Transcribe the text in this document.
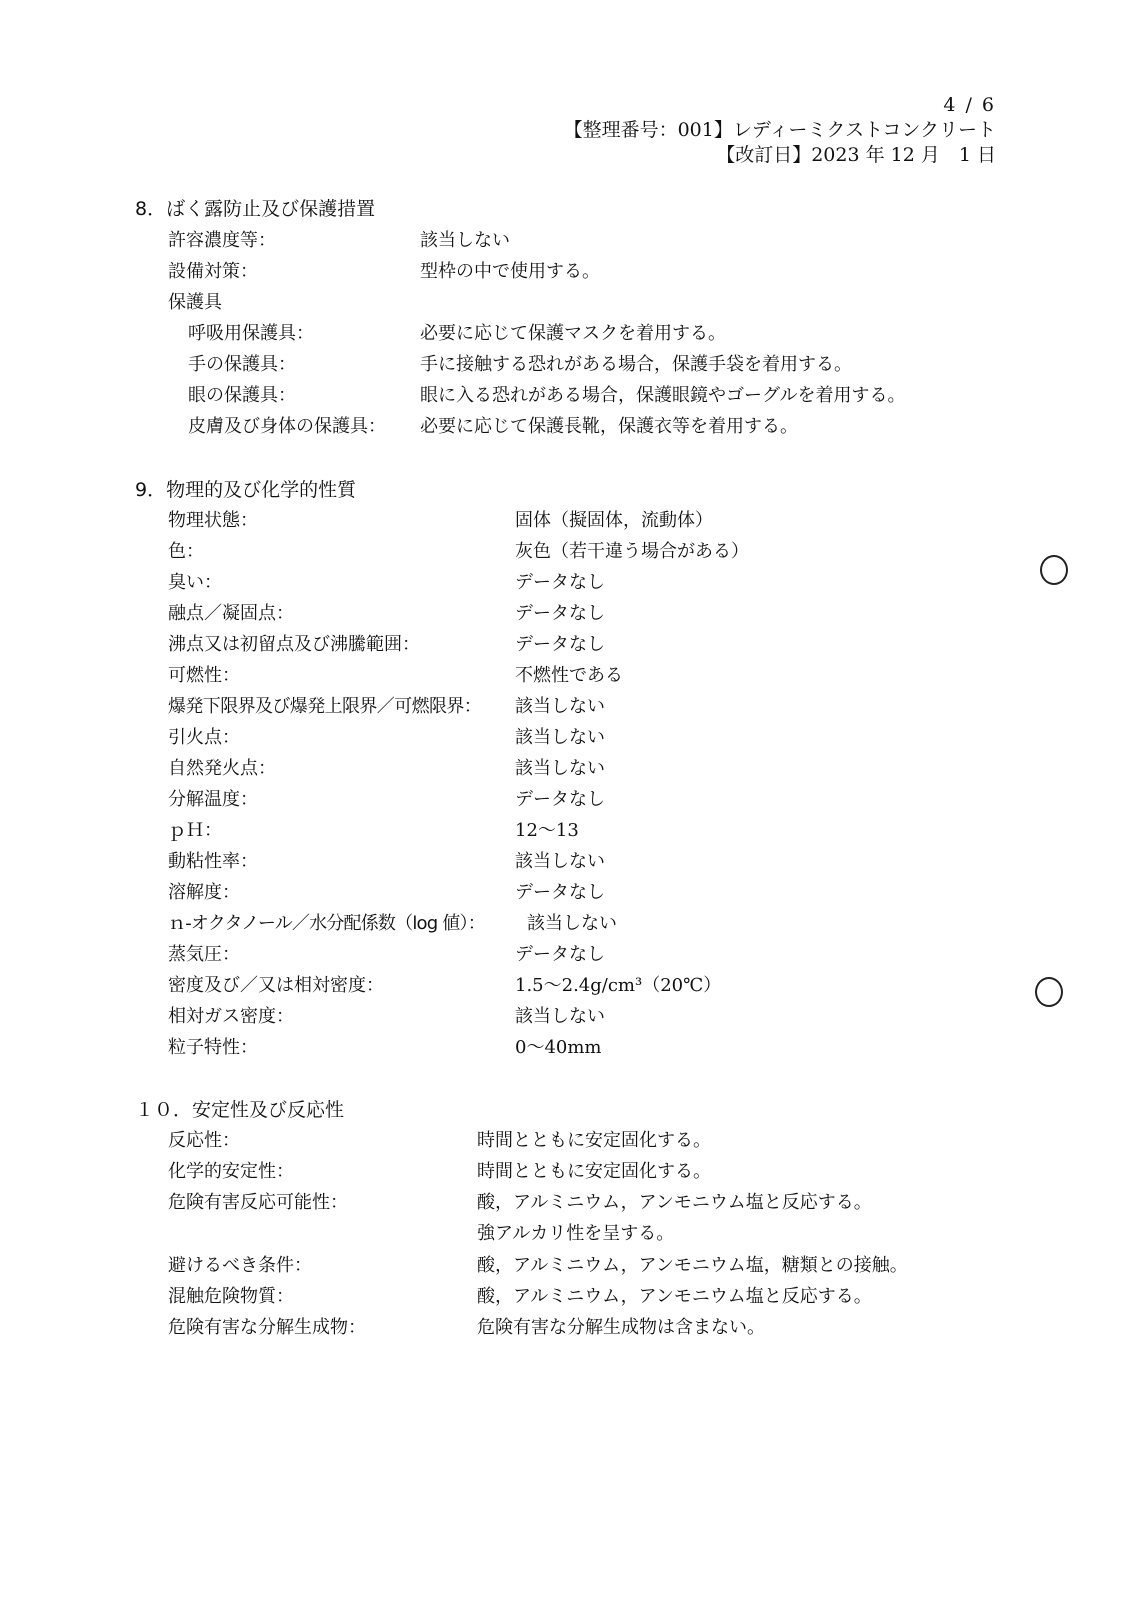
4 / 6
【整理番号：001】レディーミクストコンクリート
【改訂日】2023 年 12 月　1 日
8．ばく露防止及び保護措置
許容濃度等：	該当しない
設備対策：	型枠の中で使用する。
保護具
呼吸用保護具：	必要に応じて保護マスクを着用する。
手の保護具：	手に接触する恐れがある場合，保護手袋を着用する。
眼の保護具：	眼に入る恐れがある場合，保護眼鏡やゴーグルを着用する。
皮膚及び身体の保護具： 必要に応じて保護長靴，保護衣等を着用する。
9．物理的及び化学的性質
物理状態：	固体（擬固体，流動体）
色：	灰色（若干違う場合がある）
臭い：	データなし
融点／凝固点：	データなし
沸点又は初留点及び沸騰範囲：	データなし
可燃性：	不燃性である
爆発下限界及び爆発上限界／可燃限界： 該当しない
引火点：	該当しない
自然発火点：	該当しない
分解温度：	データなし
ｐＨ：	12～13
動粘性率：	該当しない
溶解度：	データなし
ｎ-オクタノール／水分配係数（log 値）： 該当しない
蒸気圧：	データなし
密度及び／又は相対密度：	1.5～2.4g/cm³（20℃）
相対ガス密度：	該当しない
粒子特性：	0～40mm
１０．安定性及び反応性
反応性：	時間とともに安定固化する。
化学的安定性：	時間とともに安定固化する。
危険有害反応可能性：	酸，アルミニウム，アンモニウム塩と反応する。
強アルカリ性を呈する。
避けるべき条件：	酸，アルミニウム，アンモニウム塩，糖類との接触。
混触危険物質：	酸，アルミニウム，アンモニウム塩と反応する。
危険有害な分解生成物：	危険有害な分解生成物は含まない。
